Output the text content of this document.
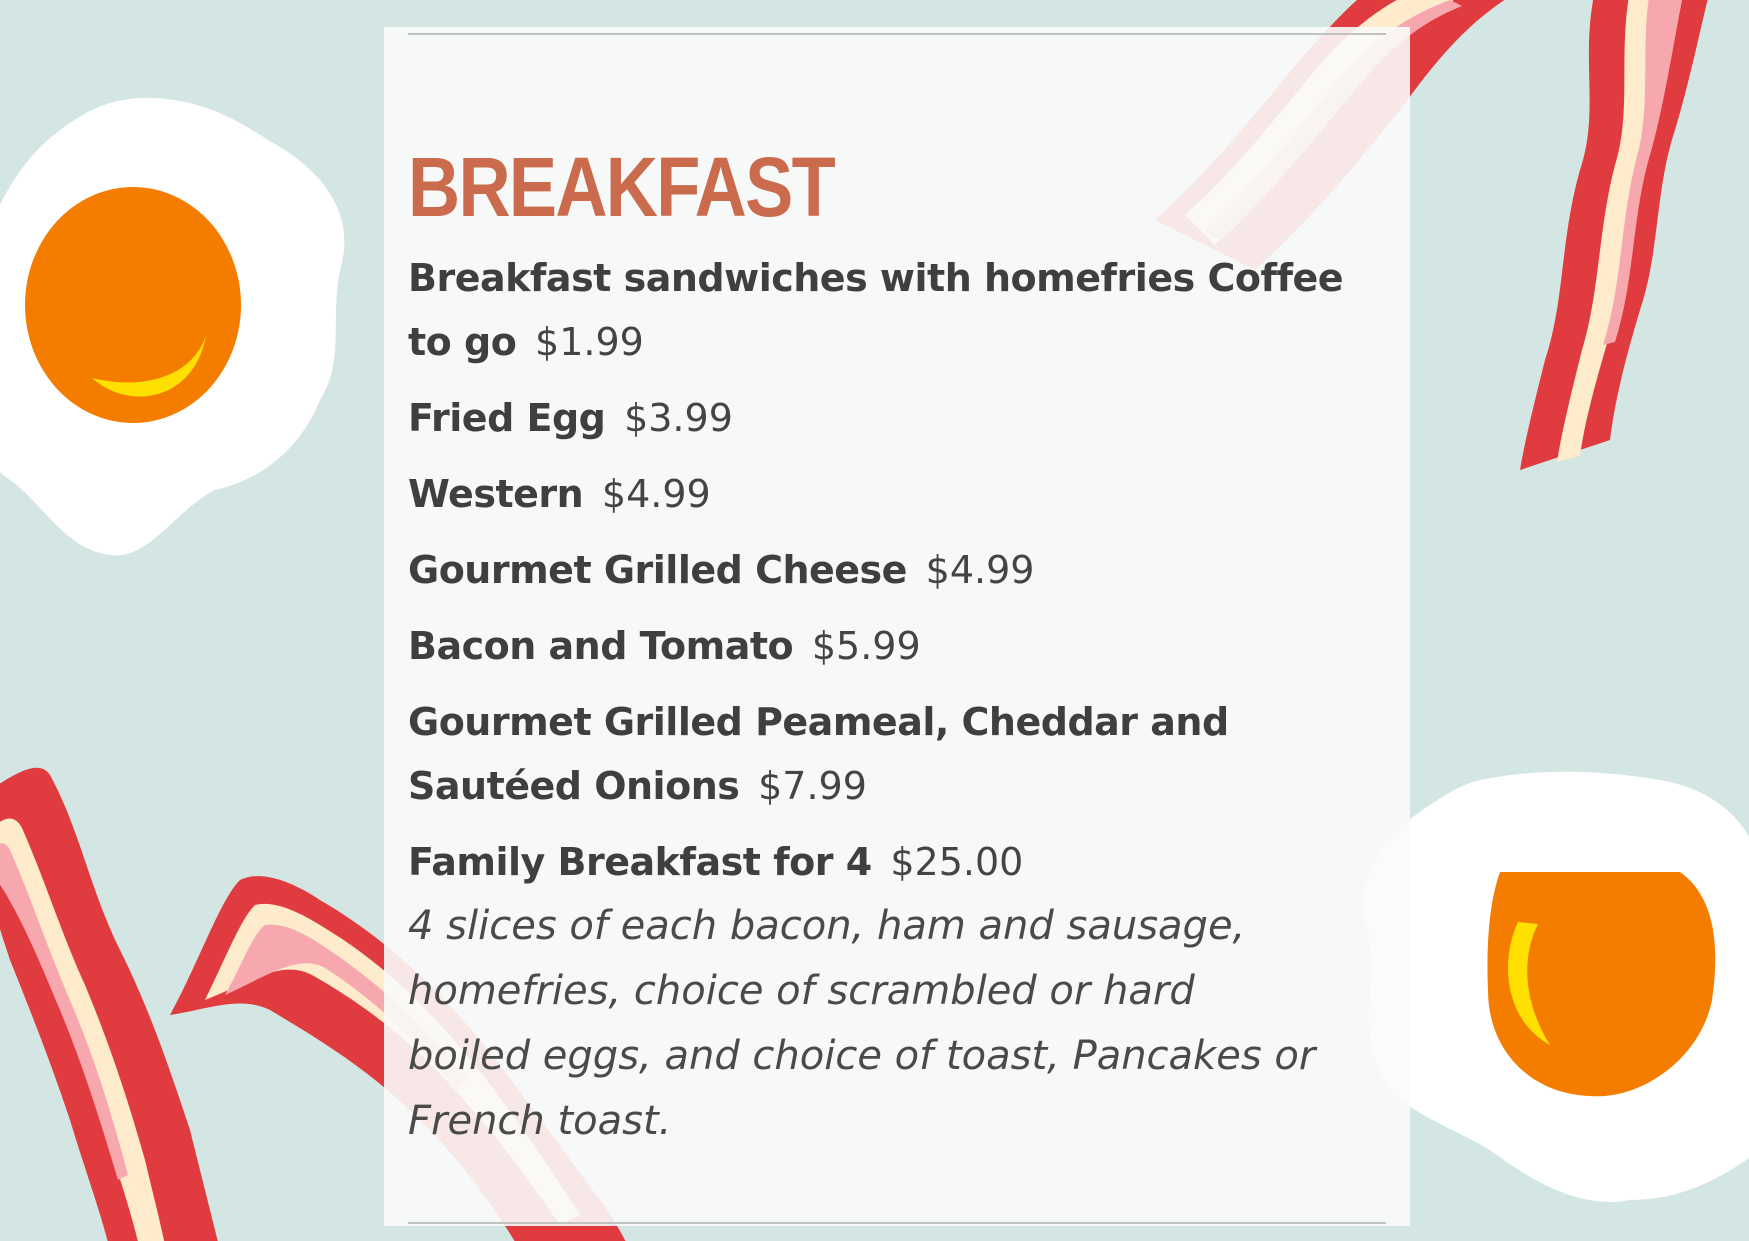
BREAKFAST
Breakfast sandwiches with homefries Coffee to go $1.99
Fried Egg $3.99
Western $4.99
Gourmet Grilled Cheese $4.99
Bacon and Tomato $5.99
Gourmet Grilled Peameal, Cheddar and Sautéed Onions $7.99
Family Breakfast for 4 $25.00
4 slices of each bacon, ham and sausage, homefries, choice of scrambled or hard boiled eggs, and choice of toast, Pancakes or French toast.
